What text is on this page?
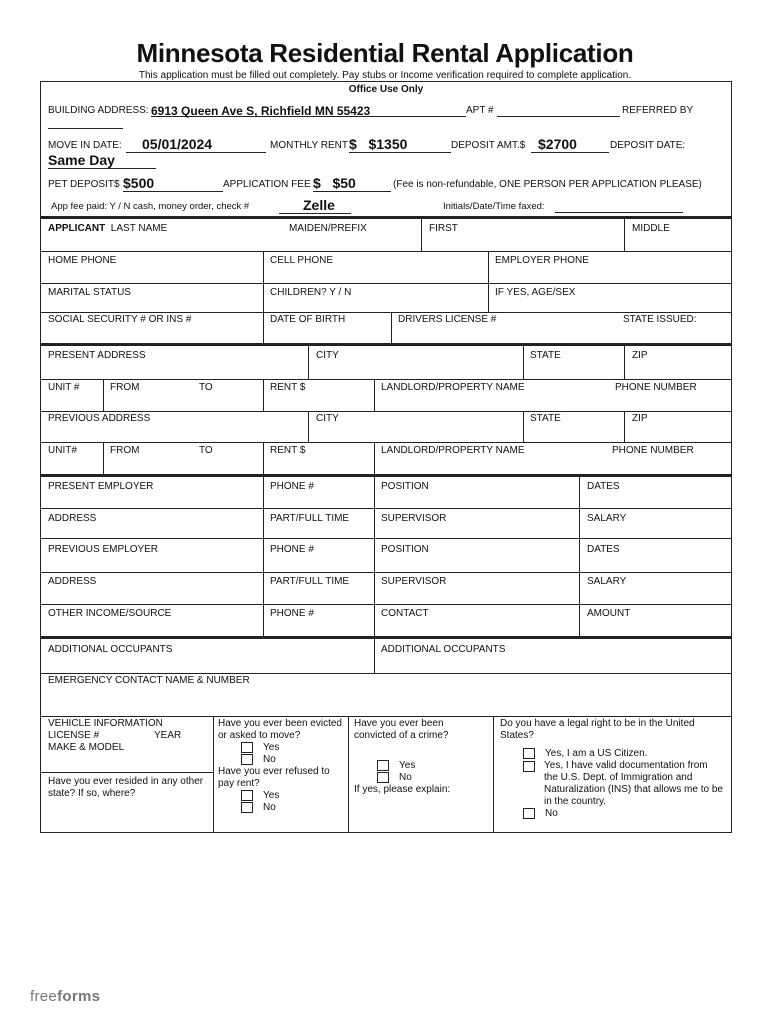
Minnesota Residential Rental Application
This application must be filled out completely. Pay stubs or Income verification required to complete application.
Office Use Only
BUILDING ADDRESS: 6913 Queen Ave S, Richfield MN 55423	APT #	REFERRED BY
MOVE IN DATE:	05/01/2024	MONTHLY RENT $   $1350	DEPOSIT AMT.$ $2700	DEPOSIT DATE:
Same Day
PET DEPOSIT$ $500	APPLICATION FEE $   $50	(Fee is non-refundable, ONE PERSON PER APPLICATION PLEASE)
App fee paid: Y / N cash, money order, check #	Zelle	Initials/Date/Time faxed:
APPLICANT LAST NAME	MAIDEN/PREFIX	FIRST	MIDDLE
HOME PHONE	CELL PHONE	EMPLOYER PHONE
MARITAL STATUS	CHILDREN? Y / N	IF YES, AGE/SEX
SOCIAL SECURITY # OR INS #	DATE OF BIRTH	DRIVERS LICENSE #	STATE ISSUED:
PRESENT ADDRESS	CITY	STATE	ZIP
UNIT #	FROM	TO	RENT $	LANDLORD/PROPERTY NAME	PHONE NUMBER
PREVIOUS ADDRESS	CITY	STATE	ZIP
UNIT#	FROM	TO	RENT $	LANDLORD/PROPERTY NAME	PHONE NUMBER
PRESENT EMPLOYER	PHONE #	POSITION	DATES
ADDRESS	PART/FULL TIME	SUPERVISOR	SALARY
PREVIOUS EMPLOYER	PHONE #	POSITION	DATES
ADDRESS	PART/FULL TIME	SUPERVISOR	SALARY
OTHER INCOME/SOURCE	PHONE #	CONTACT	AMOUNT
ADDITIONAL OCCUPANTS	ADDITIONAL OCCUPANTS
EMERGENCY CONTACT NAME & NUMBER
VEHICLE INFORMATION
LICENSE #	YEAR
MAKE & MODEL
Have you ever resided in any other state? If so, where?
Have you ever been evicted or asked to move?
Yes
No
Have you ever refused to pay rent?
Yes
No
Have you ever been convicted of a crime?
Yes
No
If yes, please explain:
Do you have a legal right to be in the United States?
Yes, I am a US Citizen.
Yes, I have valid documentation from the U.S. Dept. of Immigration and Naturalization (INS) that allows me to be in the country.
No
freeforms
